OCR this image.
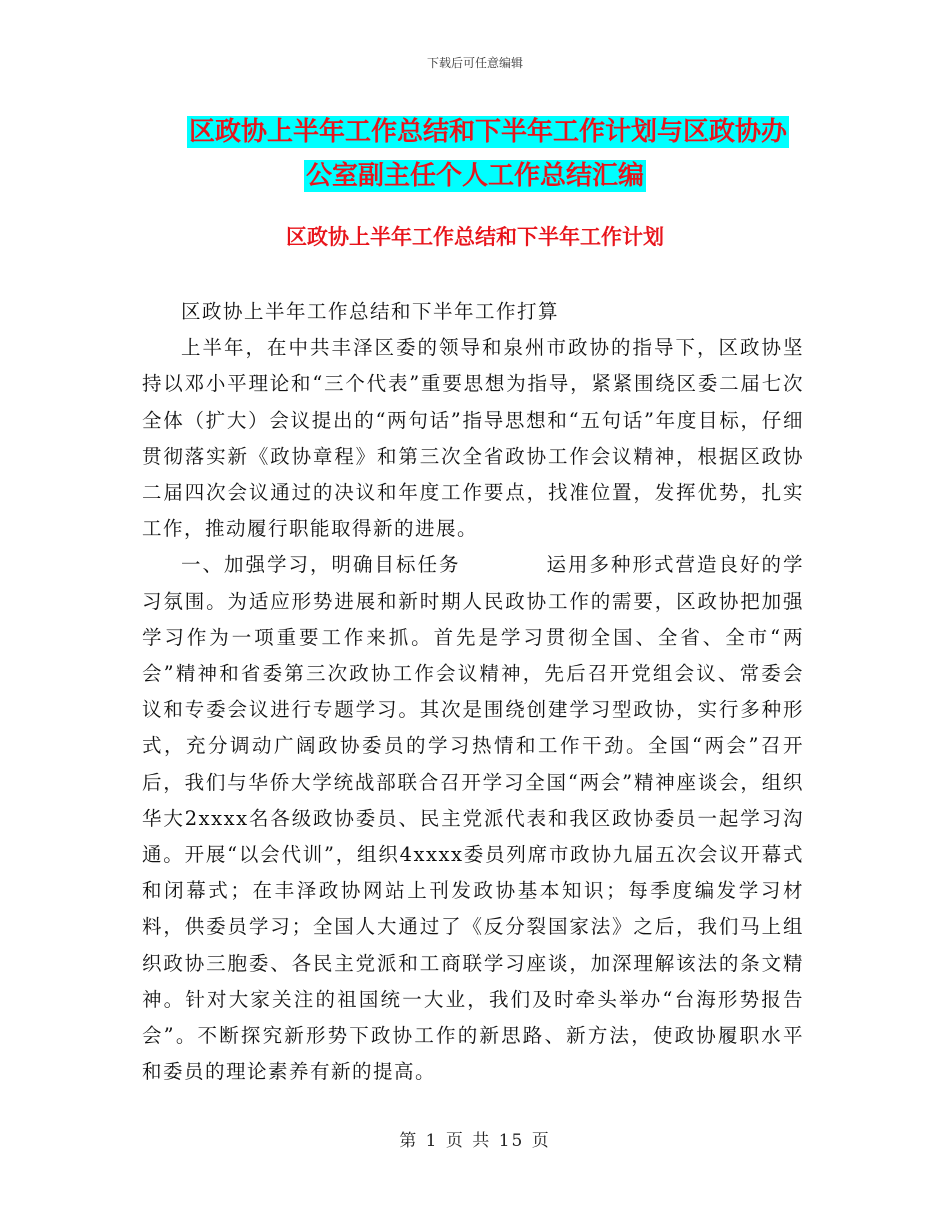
下载后可任意编辑
区政协上半年工作总结和下半年工作计划与区政协办
公室副主任个人工作总结汇编
区政协上半年工作总结和下半年工作计划

区政协上半年工作总结和下半年工作打算

上半年，在中共丰泽区委的领导和泉州市政协的指导下，区政协坚持以邓小平理论和“三个代表”重要思想为指导，紧紧围绕区委二届七次全体（扩大）会议提出的“两句话”指导思想和“五句话”年度目标，仔细贯彻落实新《政协章程》和第三次全省政协工作会议精神，根据区政协二届四次会议通过的决议和年度工作要点，找准位置，发挥优势，扎实工作，推动履行职能取得新的进展。

一、加强学习，明确目标任务　　　　运用多种形式营造良好的学习氛围。为适应形势进展和新时期人民政协工作的需要，区政协把加强学习作为一项重要工作来抓。首先是学习贯彻全国、全省、全市“两会”精神和省委第三次政协工作会议精神，先后召开党组会议、常委会议和专委会议进行专题学习。其次是围绕创建学习型政协，实行多种形式，充分调动广阔政协委员的学习热情和工作干劲。全国“两会”召开后，我们与华侨大学统战部联合召开学习全国“两会”精神座谈会，组织华大2xxxx名各级政协委员、民主党派代表和我区政协委员一起学习沟通。开展“以会代训”，组织4xxxx委员列席市政协九届五次会议开幕式和闭幕式；在丰泽政协网站上刊发政协基本知识；每季度编发学习材料，供委员学习；全国人大通过了《反分裂国家法》之后，我们马上组织政协三胞委、各民主党派和工商联学习座谈，加深理解该法的条文精神。针对大家关注的祖国统一大业，我们及时牵头举办“台海形势报告会”。不断探究新形势下政协工作的新思路、新方法，使政协履职水平和委员的理论素养有新的提高。

第 1 页 共 15 页
